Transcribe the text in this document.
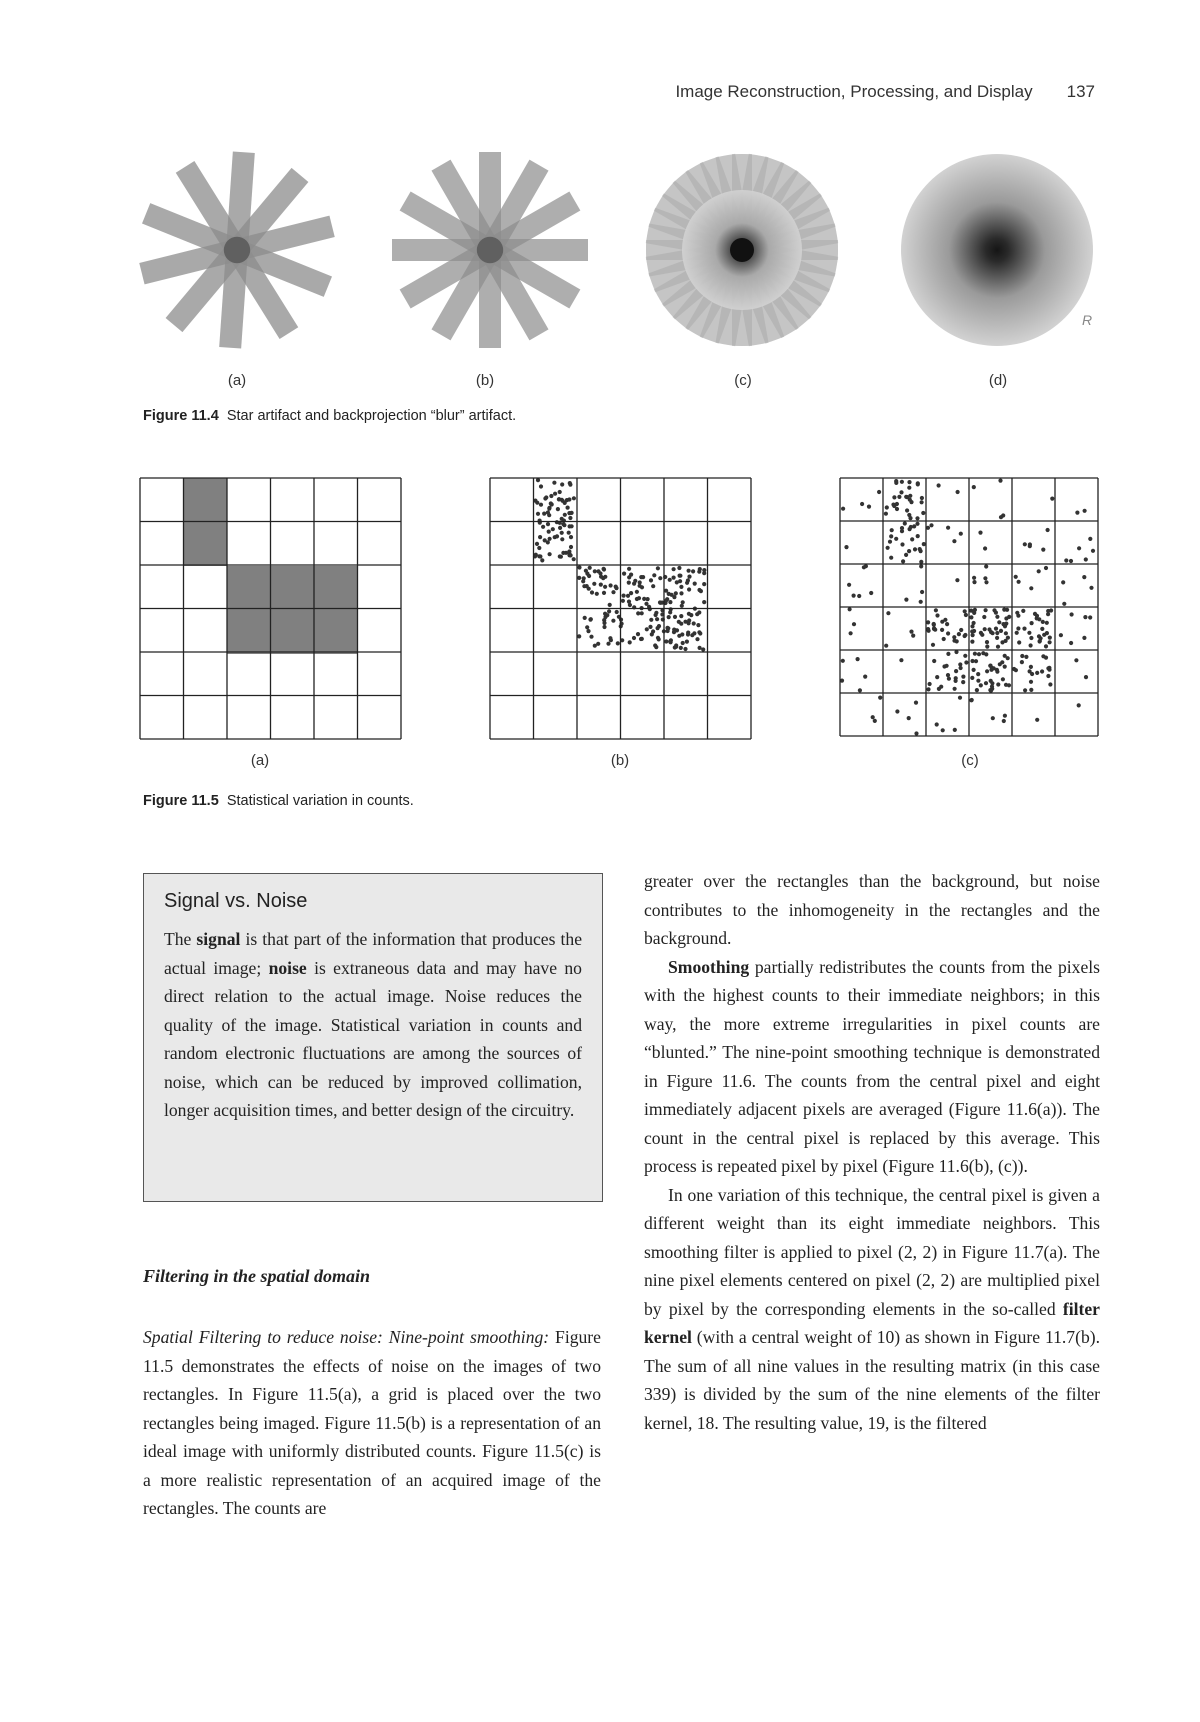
Image Reconstruction, Processing, and Display 137
R
(a)	(b)	(c)	(d)
Figure 11.4 Star artifact and backprojection “blur” artifact.
(a)	(b)	(c)
Figure 11.5 Statistical variation in counts.
Signal vs. Noise

The signal is that part of the information that produces the actual image; noise is extraneous data and may have no direct relation to the actual image. Noise reduces the quality of the image. Statistical variation in counts and random electronic fluctuations are among the sources of noise, which can be reduced by improved collimation, longer acquisition times, and better design of the circuitry.

Filtering in the spatial domain

Spatial Filtering to reduce noise: Nine-point smoothing: Figure 11.5 demonstrates the effects of noise on the images of two rectangles. In Figure 11.5(a), a grid is placed over the two rectangles being imaged. Figure 11.5(b) is a representation of an ideal image with uniformly distributed counts. Figure 11.5(c) is a more realistic representation of an acquired image of the rectangles. The counts are

greater over the rectangles than the background, but noise contributes to the inhomogeneity in the rectangles and the background.

Smoothing partially redistributes the counts from the pixels with the highest counts to their immediate neighbors; in this way, the more extreme irregularities in pixel counts are “blunted.” The nine-point smoothing technique is demonstrated in Figure 11.6. The counts from the central pixel and eight immediately adjacent pixels are averaged (Figure 11.6(a)). The count in the central pixel is replaced by this average. This process is repeated pixel by pixel (Figure 11.6(b), (c)).

In one variation of this technique, the central pixel is given a different weight than its eight immediate neighbors. This smoothing filter is applied to pixel (2, 2) in Figure 11.7(a). The nine pixel elements centered on pixel (2, 2) are multiplied pixel by pixel by the corresponding elements in the so-called filter kernel (with a central weight of 10) as shown in Figure 11.7(b). The sum of all nine values in the resulting matrix (in this case 339) is divided by the sum of the nine elements of the filter kernel, 18. The resulting value, 19, is the filtered
